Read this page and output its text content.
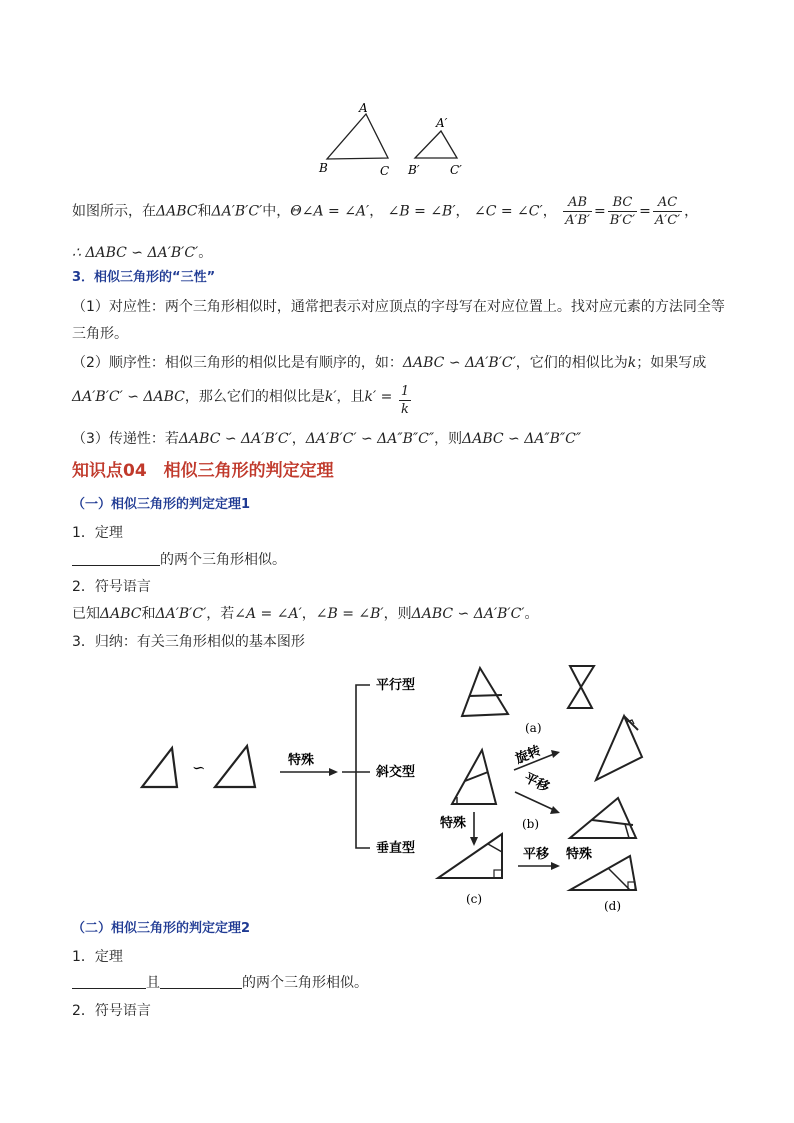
A
B	C
A′
B′	C′
如图所示，在ΔABC和ΔA′B′C′中，Θ∠A = ∠A′， ∠B = ∠B′， ∠C = ∠C′， $\frac{AB}{A'B'} = \frac{BC}{B'C'} = \frac{AC}{A'C'}$ ，
∴ ΔABC ∽ ΔA′B′C′。
3．相似三角形的“三性”
（1）对应性：两个三角形相似时，通常把表示对应顶点的字母写在对应位置上。找对应元素的方法同全等
三角形。
（2）顺序性：相似三角形的相似比是有顺序的，如：ΔABC ∽ ΔA′B′C′，它们的相似比为k；如果写成
ΔA′B′C′ ∽ ΔABC，那么它们的相似比是k′，且$k' = \frac{1}{k}$
（3）传递性：若ΔABC ∽ ΔA′B′C′，ΔA′B′C′ ∽ ΔA″B″C″，则ΔABC ∽ ΔA″B″C″
知识点04　相似三角形的判定定理
（一）相似三角形的判定定理1
1．定理
的两个三角形相似。
2．符号语言
已知ΔABC和ΔA′B′C′，若∠A = ∠A′，∠B = ∠B′，则ΔABC ∽ ΔA′B′C′。
3．归纳：有关三角形相似的基本图形
∽	特殊
平行型
斜交型
垂直型
(a)
旋转
平移
(b)
特殊
(c)
平移 特殊
(d)
（二）相似三角形的判定定理2
1．定理
且	的两个三角形相似。
2．符号语言
